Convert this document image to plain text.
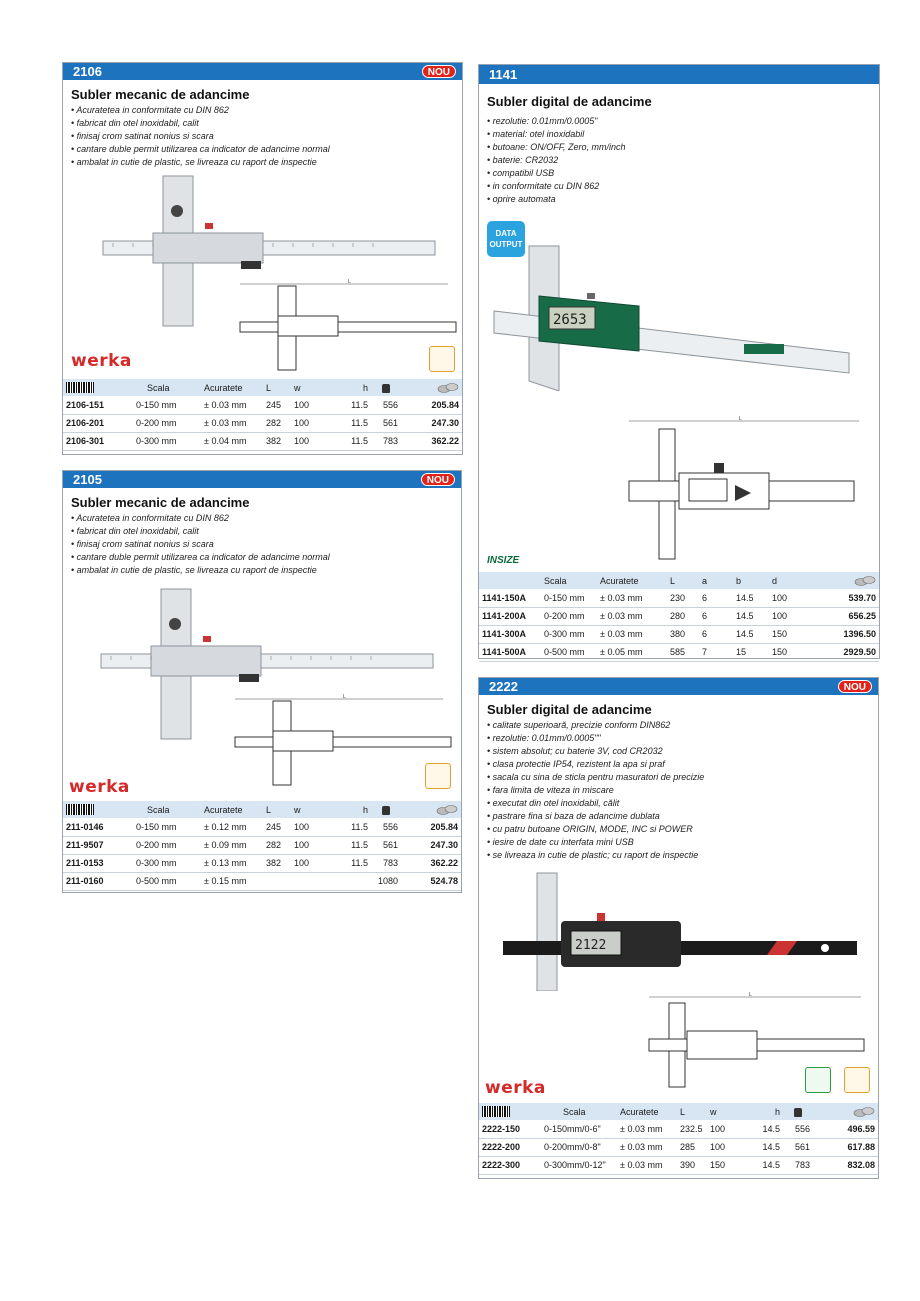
2106	NOU
Subler mecanic de adancime
• Acuratetea in conformitate cu DIN 862
• fabricat din otel inoxidabil, calit
• finisaj crom satinat nonius si scara
• cantare duble permit utilizarea ca indicator de adancime normal
• ambalat in cutie de plastic, se livreaza cu raport de inspectie
L
werka
	Scala	Acuratete	L	w	h		
2106-151	0-150 mm	± 0.03 mm	245	100	11.5	556	205.84
2106-201	0-200 mm	± 0.03 mm	282	100	11.5	561	247.30
2106-301	0-300 mm	± 0.04 mm	382	100	11.5	783	362.22
2105	NOU
Subler mecanic de adancime
• Acuratetea in conformitate cu DIN 862
• fabricat din otel inoxidabil, calit
• finisaj crom satinat nonius si scara
• cantare duble permit utilizarea ca indicator de adancime normal
• ambalat in cutie de plastic, se livreaza cu raport de inspectie
L
werka
	Scala	Acuratete	L	w	h		
211-0146	0-150 mm	± 0.12 mm	245	100	11.5	556	205.84
211-9507	0-200 mm	± 0.09 mm	282	100	11.5	561	247.30
211-0153	0-300 mm	± 0.13 mm	382	100	11.5	783	362.22
211-0160	0-500 mm	± 0.15 mm				1080	524.78
1141
Subler digital de adancime
• rezolutie: 0.01mm/0.0005"
• material: otel inoxidabil
• butoane: ON/OFF, Zero, mm/inch
• baterie: CR2032
• compatibil USB
• in conformitate cu DIN 862
• oprire automata
DATA OUTPUT
2653
L
INSIZE
	Scala	Acuratete	L	a	b	d	
1141-150A	0-150 mm	± 0.03 mm	230	6	14.5	100	539.70
1141-200A	0-200 mm	± 0.03 mm	280	6	14.5	100	656.25
1141-300A	0-300 mm	± 0.03 mm	380	6	14.5	150	1396.50
1141-500A	0-500 mm	± 0.05 mm	585	7	15	150	2929.50
2222	NOU
Subler digital de adancime
• calitate superioară, precizie conform DIN862
• rezolutie: 0.01mm/0.0005""
• sistem absolut; cu baterie 3V, cod CR2032
• clasa protectie IP54, rezistent la apa si praf
• sacala cu sina de sticla pentru masuratori de precizie
• fara limita de viteza in miscare
• executat din otel inoxidabil, călit
• pastrare fina si baza de adancime dublata
• cu patru butoane ORIGIN, MODE, INC si POWER
• iesire de date cu interfata mini USB
• se livreaza in cutie de plastic; cu raport de inspectie
2122
L
werka
	Scala	Acuratete	L	w	h		
2222-150	0-150mm/0-6"	± 0.03 mm	232.5	100	14.5	556	496.59
2222-200	0-200mm/0-8"	± 0.03 mm	285	100	14.5	561	617.88
2222-300	0-300mm/0-12"	± 0.03 mm	390	150	14.5	783	832.08
